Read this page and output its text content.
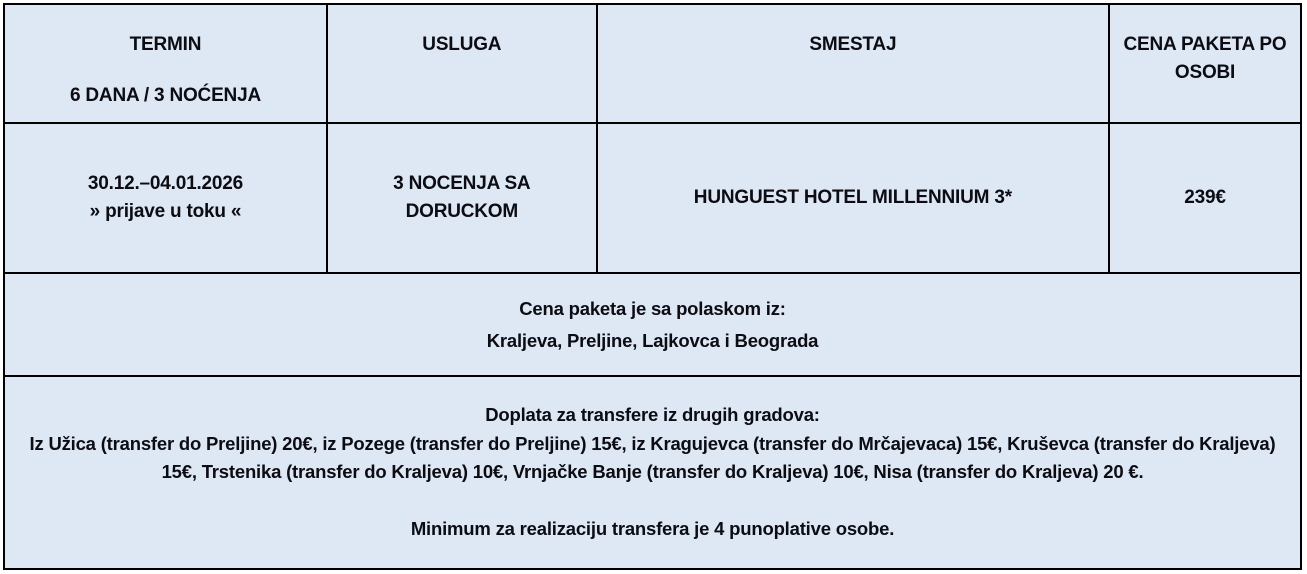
TERMIN
6 DANA / 3 NOĆENJA	USLUGA	SMESTAJ	CENA PAKETA PO OSOBI

30.12.–04.01.2026
» prijave u toku «	3 NOCENJA SA DORUCKOM	HUNGUEST HOTEL MILLENNIUM 3*	239€

Cena paketa je sa polaskom iz:
Kraljeva, Preljine, Lajkovca i Beograda			

Doplata za transfere iz drugih gradova:
Iz Užica (transfer do Preljine) 20€, iz Pozege (transfer do Preljine) 15€, iz Kragujevca (transfer do Mrčajevaca) 15€, Kruševca (transfer do Kraljeva) 15€, Trstenika (transfer do Kraljeva) 10€, Vrnjačke Banje (transfer do Kraljeva) 10€, Nisa (transfer do Kraljeva) 20 €.
Minimum za realizaciju transfera je 4 punoplative osobe.			
